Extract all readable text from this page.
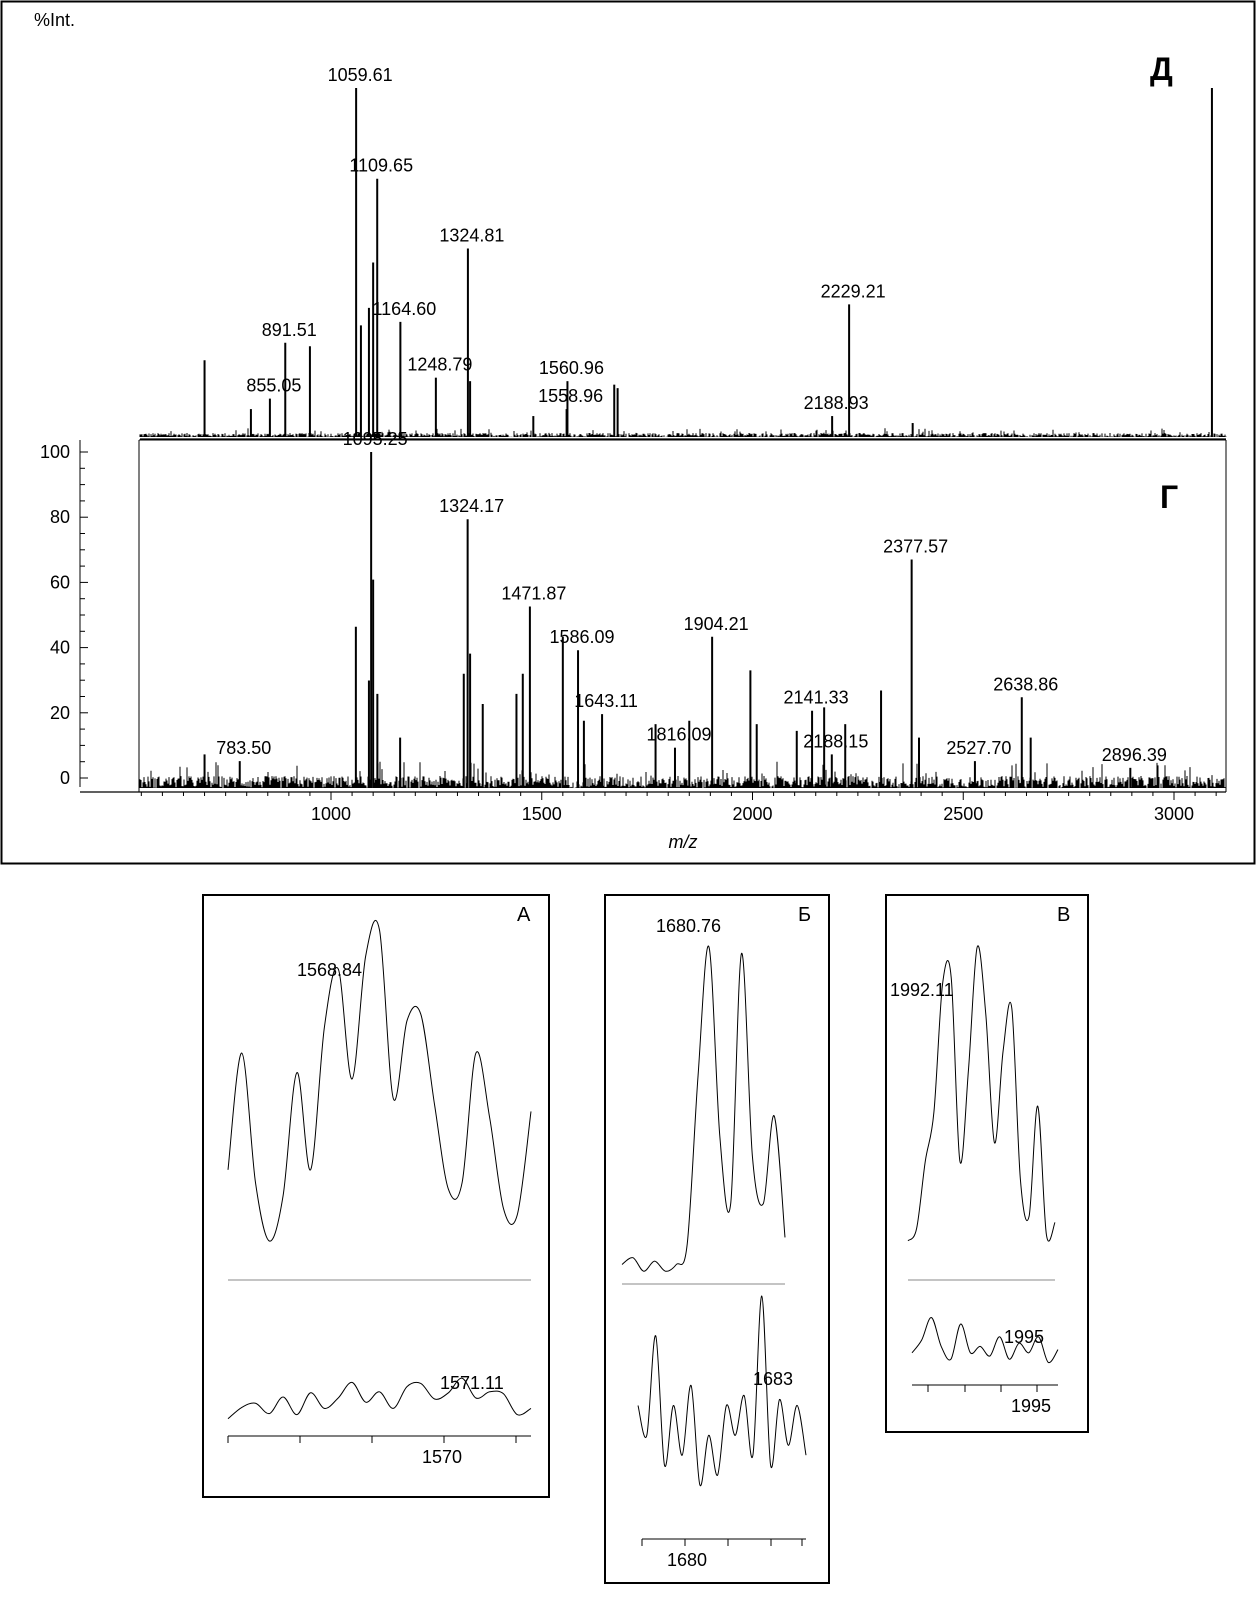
%Int.
855.05
891.51
1059.61
1109.65
1164.60
1248.79
1324.81
1558.96
1560.96
2188.93
2229.21
Д
0
20
40
60
80
100
783.50
1095.25
1324.17
1471.87
1586.09
1643.11
1816.09
1904.21
2141.33
2188.15
2377.57
2527.70
2638.86
2896.39
1000	1500	2000	2500	3000
Г
m/z
А
1568.84
1571.11
1570
Б
1680.76
1683
1680
В
1992.11
1995
1995
